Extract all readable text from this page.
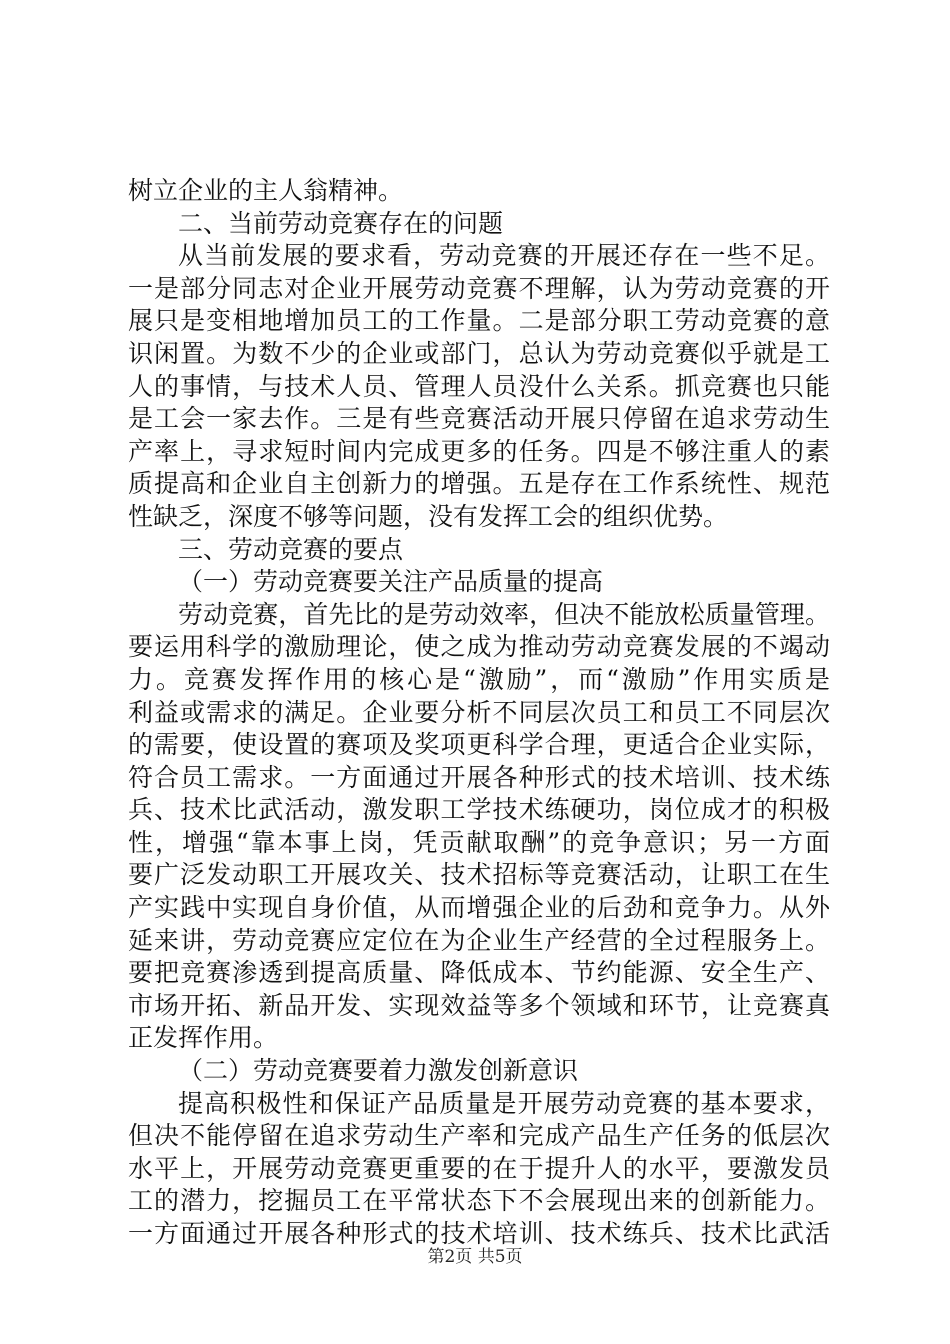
树立企业的主人翁精神。
二、当前劳动竞赛存在的问题
从当前发展的要求看，劳动竞赛的开展还存在一些不足。
一是部分同志对企业开展劳动竞赛不理解，认为劳动竞赛的开
展只是变相地增加员工的工作量。二是部分职工劳动竞赛的意
识闲置。为数不少的企业或部门，总认为劳动竞赛似乎就是工
人的事情，与技术人员、管理人员没什么关系。抓竞赛也只能
是工会一家去作。三是有些竞赛活动开展只停留在追求劳动生
产率上，寻求短时间内完成更多的任务。四是不够注重人的素
质提高和企业自主创新力的增强。五是存在工作系统性、规范
性缺乏，深度不够等问题，没有发挥工会的组织优势。
三、劳动竞赛的要点
（一）劳动竞赛要关注产品质量的提高
劳动竞赛，首先比的是劳动效率，但决不能放松质量管理。
要运用科学的激励理论，使之成为推动劳动竞赛发展的不竭动
力。竞赛发挥作用的核心是“激励”，而“激励”作用实质是
利益或需求的满足。企业要分析不同层次员工和员工不同层次
的需要，使设置的赛项及奖项更科学合理，更适合企业实际，
符合员工需求。一方面通过开展各种形式的技术培训、技术练
兵、技术比武活动，激发职工学技术练硬功，岗位成才的积极
性，增强“靠本事上岗，凭贡献取酬”的竞争意识；另一方面
要广泛发动职工开展攻关、技术招标等竞赛活动，让职工在生
产实践中实现自身价值，从而增强企业的后劲和竞争力。从外
延来讲，劳动竞赛应定位在为企业生产经营的全过程服务上。
要把竞赛渗透到提高质量、降低成本、节约能源、安全生产、
市场开拓、新品开发、实现效益等多个领域和环节，让竞赛真
正发挥作用。
（二）劳动竞赛要着力激发创新意识
提高积极性和保证产品质量是开展劳动竞赛的基本要求，
但决不能停留在追求劳动生产率和完成产品生产任务的低层次
水平上，开展劳动竞赛更重要的在于提升人的水平，要激发员
工的潜力，挖掘员工在平常状态下不会展现出来的创新能力。
一方面通过开展各种形式的技术培训、技术练兵、技术比武活
第2页 共5页
